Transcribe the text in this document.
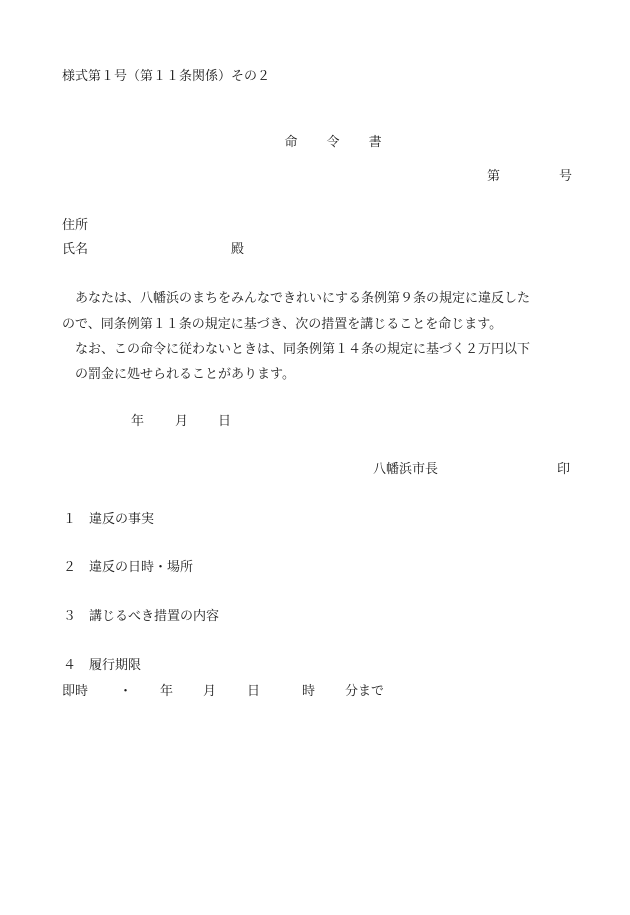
様式第１号（第１１条関係）その２

命 令 書

第	号
住所
氏名	殿
　あなたは、八幡浜のまちをみんなできれいにする条例第９条の規定に違反した
ので、同条例第１１条の規定に基づき、次の措置を講じることを命じます。
　なお、この命令に従わないときは、同条例第１４条の規定に基づく２万円以下
　の罰金に処せられることがあります。
年 月 日
八幡浜市長	印
１ 違反の事実
２ 違反の日時・場所
３ 講じるべき措置の内容
４ 履行期限
即時 ・ 年 月 日	時 分まで
